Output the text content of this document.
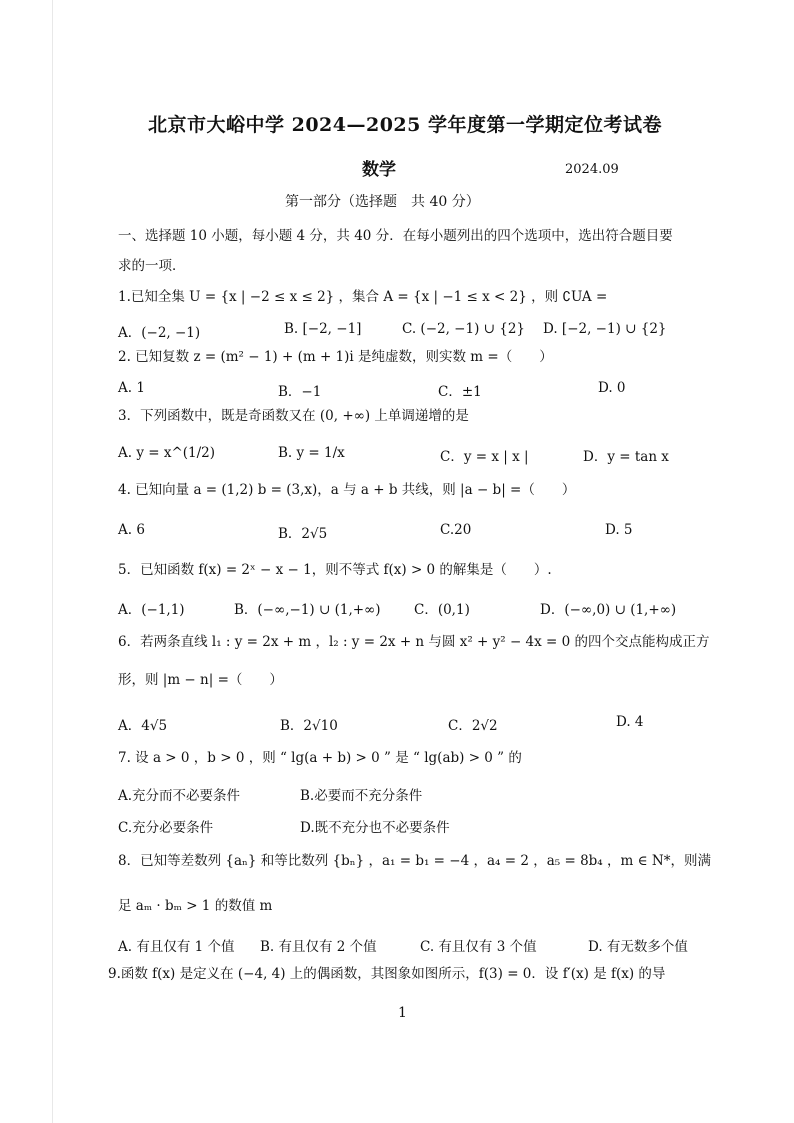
北京市大峪中学 2024—2025 学年度第一学期定位考试卷
数学	2024.09
第一部分（选择题　共 40 分）
一、选择题 10 小题，每小题 4 分，共 40 分．在每小题列出的四个选项中，选出符合题目要
求的一项．
1.已知全集 U = {x | −2 ≤ x ≤ 2} ，集合 A = {x | −1 ≤ x < 2} ，则 ∁UA =
A．(−2, −1)	B. [−2, −1]	C. (−2, −1) ∪ {2} D. [−2, −1) ∪ {2}
2. 已知复数 z = (m² − 1) + (m + 1)i 是纯虚数，则实数 m =（　　）
A. 1	B．−1	C．±1	D. 0
3．下列函数中，既是奇函数又在 (0, +∞) 上单调递增的是
A. y = x^(1/2)	B. y = 1/x	C．y = x | x |	D．y = tan x
4. 已知向量 a = (1,2) b = (3,x)，a 与 a + b 共线，则 |a − b| =（　　）
A. 6	B．2√5	C.20	D. 5
5．已知函数 f(x) = 2ˣ − x − 1，则不等式 f(x) > 0 的解集是（　　）.
A．(−1,1)	B．(−∞,−1) ∪ (1,+∞) C．(0,1)	D．(−∞,0) ∪ (1,+∞)
6．若两条直线 l₁ : y = 2x + m ，l₂ : y = 2x + n 与圆 x² + y² − 4x = 0 的四个交点能构成正方
形，则 |m − n| =（　　）
A．4√5	B．2√10	C．2√2	D. 4
7. 设 a > 0 ，b > 0 ，则 “ lg(a + b) > 0 ” 是 “ lg(ab) > 0 ” 的
A.充分而不必要条件	B.必要而不充分条件
C.充分必要条件	D.既不充分也不必要条件
8．已知等差数列 {aₙ} 和等比数列 {bₙ} ，a₁ = b₁ = −4 ，a₄ = 2 ，a₅ = 8b₄ ，m ∈ N*，则满
足 aₘ · bₘ > 1 的数值 m
A. 有且仅有 1 个值 B. 有且仅有 2 个值	C. 有且仅有 3 个值	D. 有无数多个值
9.函数 f(x) 是定义在 (−4, 4) 上的偶函数，其图象如图所示，f(3) = 0．设 f′(x) 是 f(x) 的导
1
